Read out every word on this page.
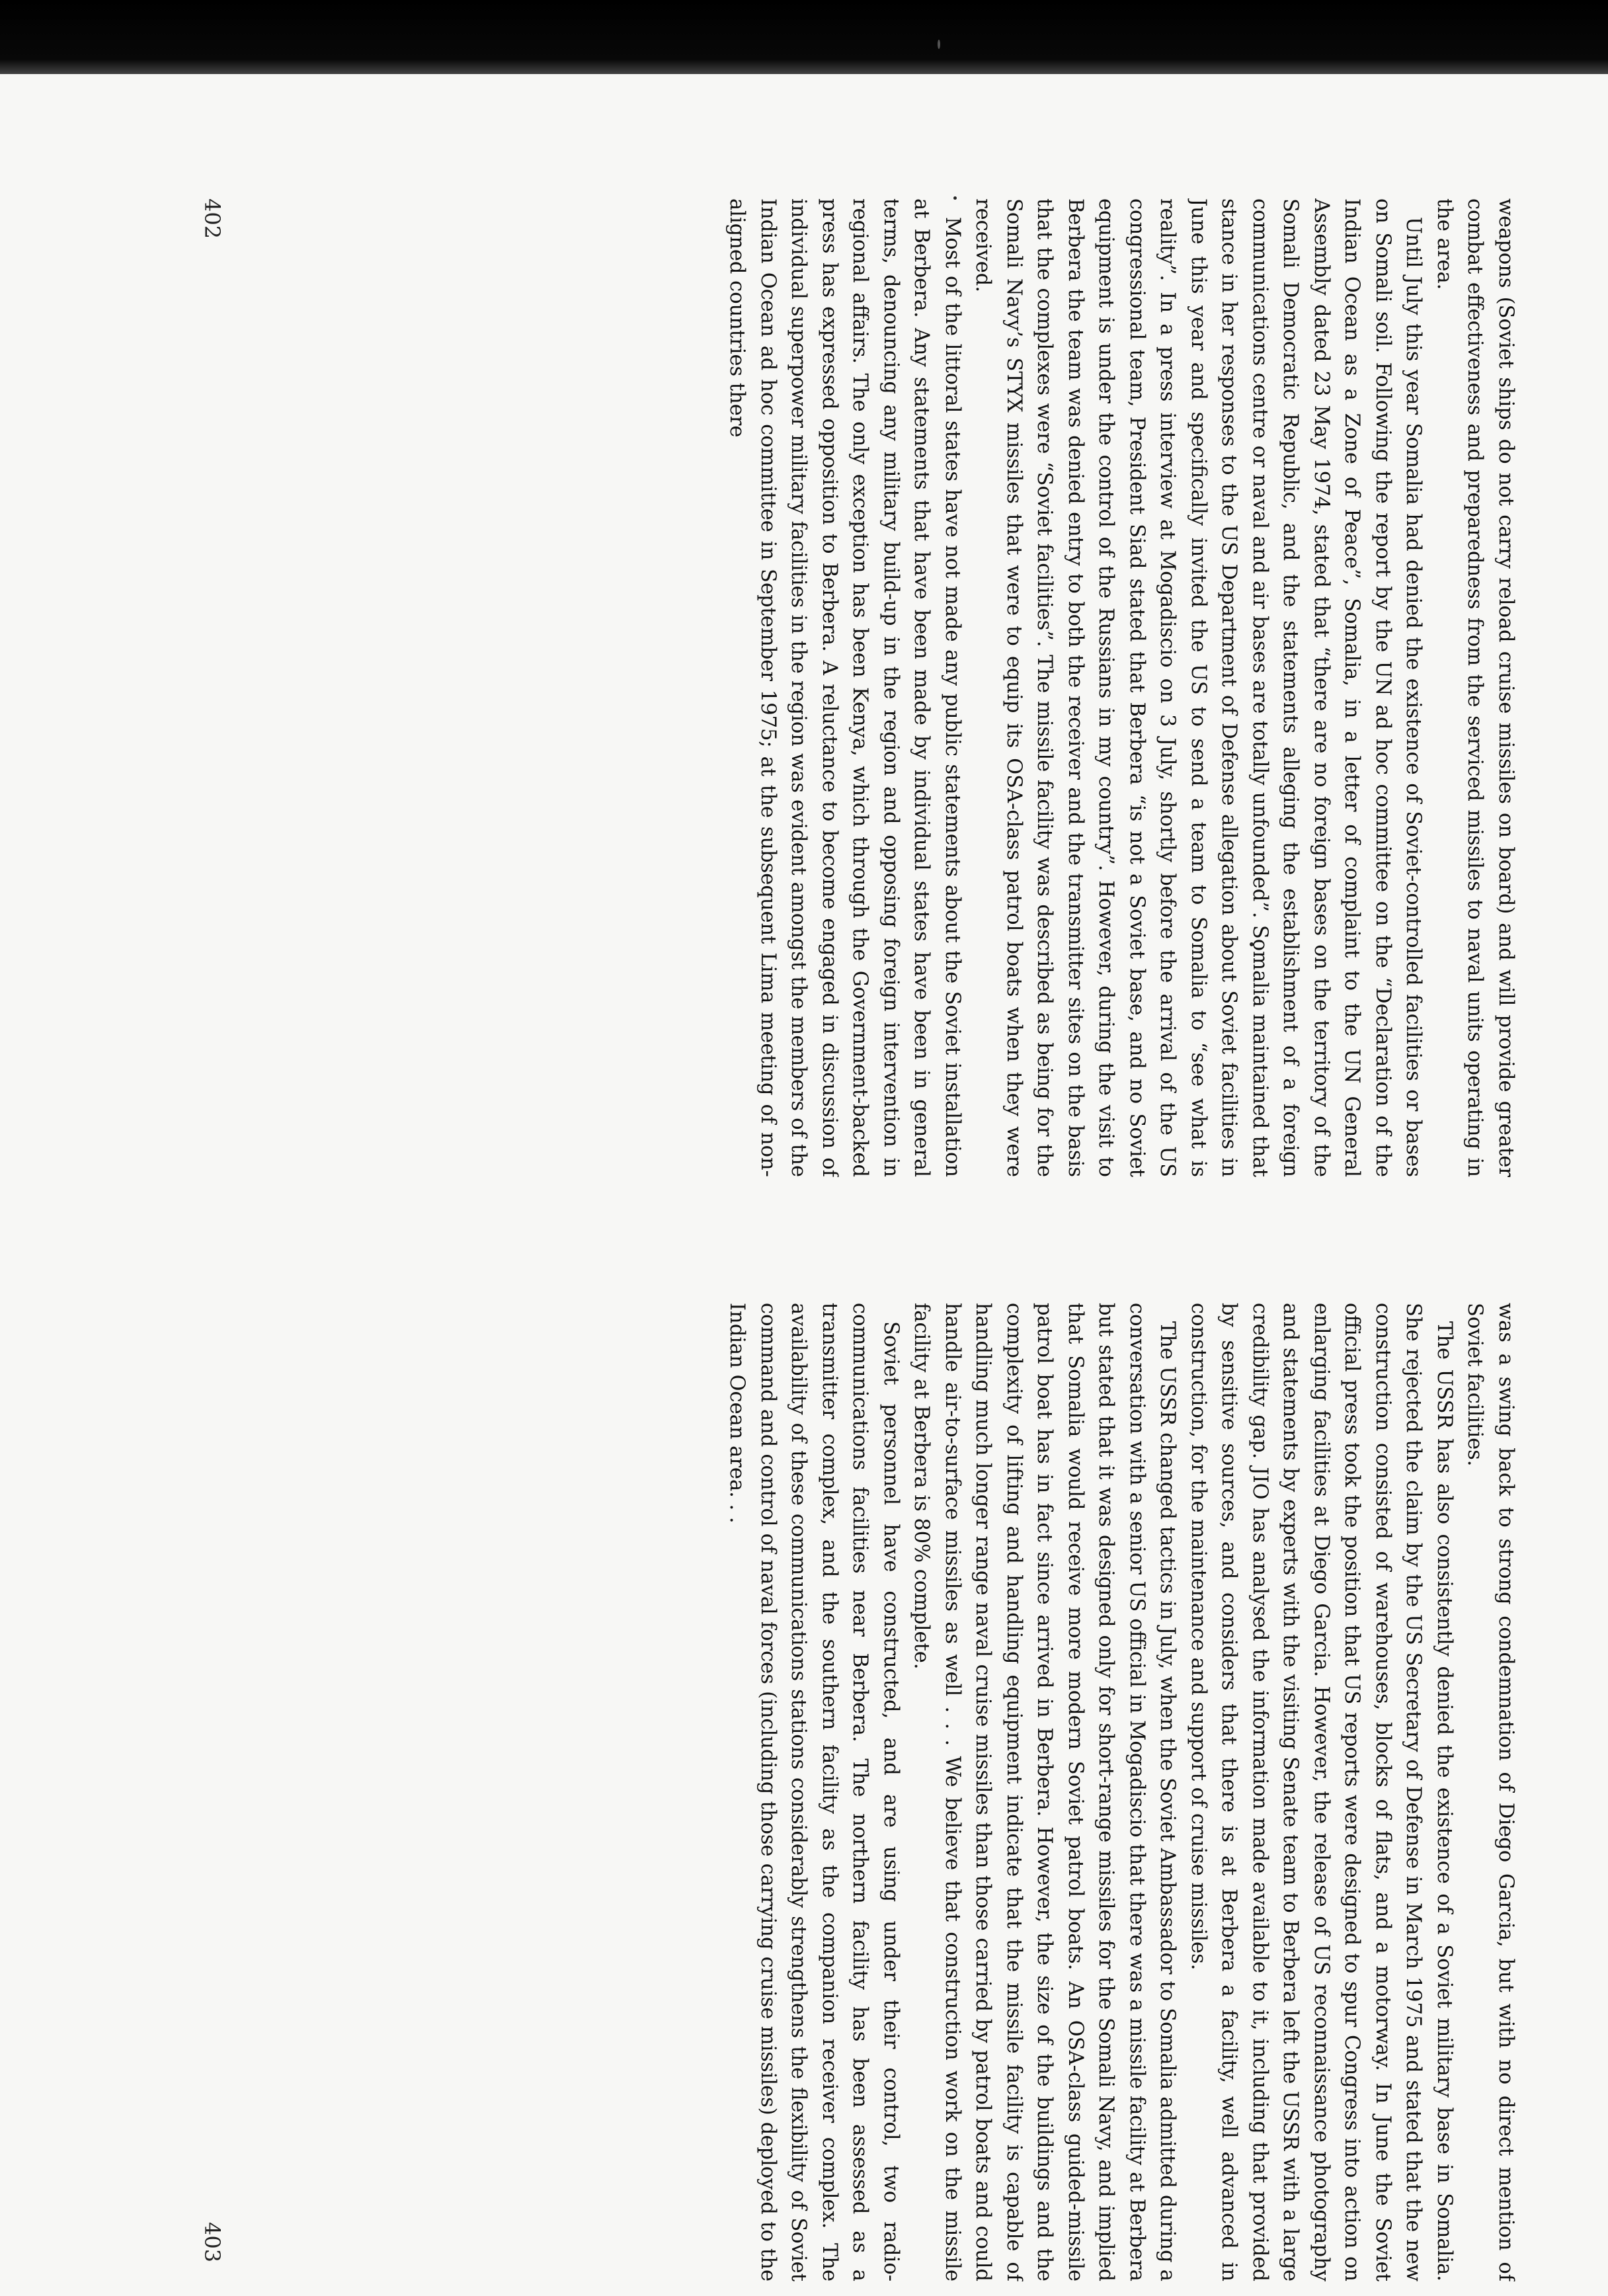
weapons (Soviet ships do not carry reload cruise missiles on board) and will provide greater combat effectiveness and preparedness from the serviced missiles to naval units operating in the area.

Until July this year Somalia had denied the existence of Soviet-controlled facilities or bases on Somali soil. Following the report by the UN ad hoc committee on the “Declaration of the Indian Ocean as a Zone of Peace”, Somalia, in a letter of complaint to the UN General Assembly dated 23 May 1974, stated that “there are no foreign bases on the territory of the Somali Democratic Republic, and the statements alleging the establishment of a foreign communications centre or naval and air bases are totally unfounded”. Somalia maintained that stance in her responses to the US Department of Defense allegation about Soviet facilities in June this year and specifically invited the US to send a team to Somalia to “see what is reality”. In a press interview at Mogadiscio on 3 July, shortly before the arrival of the US congressional team, President Siad stated that Berbera “is not a Soviet base, and no Soviet equipment is under the control of the Russians in my country”. However, during the visit to Berbera the team was denied entry to both the receiver and the transmitter sites on the basis that the complexes were “Soviet facilities”. The missile facility was described as being for the Somali Navy’s STYX missiles that were to equip its OSA-class patrol boats when they were received.

Most of the littoral states have not made any public statements about the Soviet installation at Berbera. Any statements that have been made by individual states have been in general terms, denouncing any military build-up in the region and opposing foreign intervention in regional affairs. The only exception has been Kenya, which through the Government-backed press has expressed opposition to Berbera. A reluctance to become engaged in discussion of individual superpower military facilities in the region was evident amongst the members of the Indian Ocean ad hoc committee in September 1975; at the subsequent Lima meeting of non-aligned countries there

402

was a swing back to strong condemnation of Diego Garcia, but with no direct mention of Soviet facilities.

The USSR has also consistently denied the existence of a Soviet military base in Somalia. She rejected the claim by the US Secretary of Defense in March 1975 and stated that the new construction consisted of warehouses, blocks of flats, and a motorway. In June the Soviet official press took the position that US reports were designed to spur Congress into action on enlarging facilities at Diego Garcia. However, the release of US reconnaissance photography and statements by experts with the visiting Senate team to Berbera left the USSR with a large credibility gap. JIO has analysed the information made available to it, including that provided by sensitive sources, and considers that there is at Berbera a facility, well advanced in construction, for the maintenance and support of cruise missiles.

The USSR changed tactics in July, when the Soviet Ambassador to Somalia admitted during a conversation with a senior US official in Mogadiscio that there was a missile facility at Berbera but stated that it was designed only for short-range missiles for the Somali Navy, and implied that Somalia would receive more modern Soviet patrol boats. An OSA-class guided-missile patrol boat has in fact since arrived in Berbera. However, the size of the buildings and the complexity of lifting and handling equipment indicate that the missile facility is capable of handling much longer range naval cruise missiles than those carried by patrol boats and could handle air-to-surface missiles as well . . . We believe that construction work on the missile facility at Berbera is 80% complete.

Soviet personnel have constructed, and are using under their control, two radio-communications facilities near Berbera. The northern facility has been assessed as a transmitter complex, and the southern facility as the companion receiver complex. The availability of these communications stations considerably strengthens the flexibility of Soviet command and control of naval forces (including those carrying cruise missiles) deployed to the Indian Ocean area. . .

403
